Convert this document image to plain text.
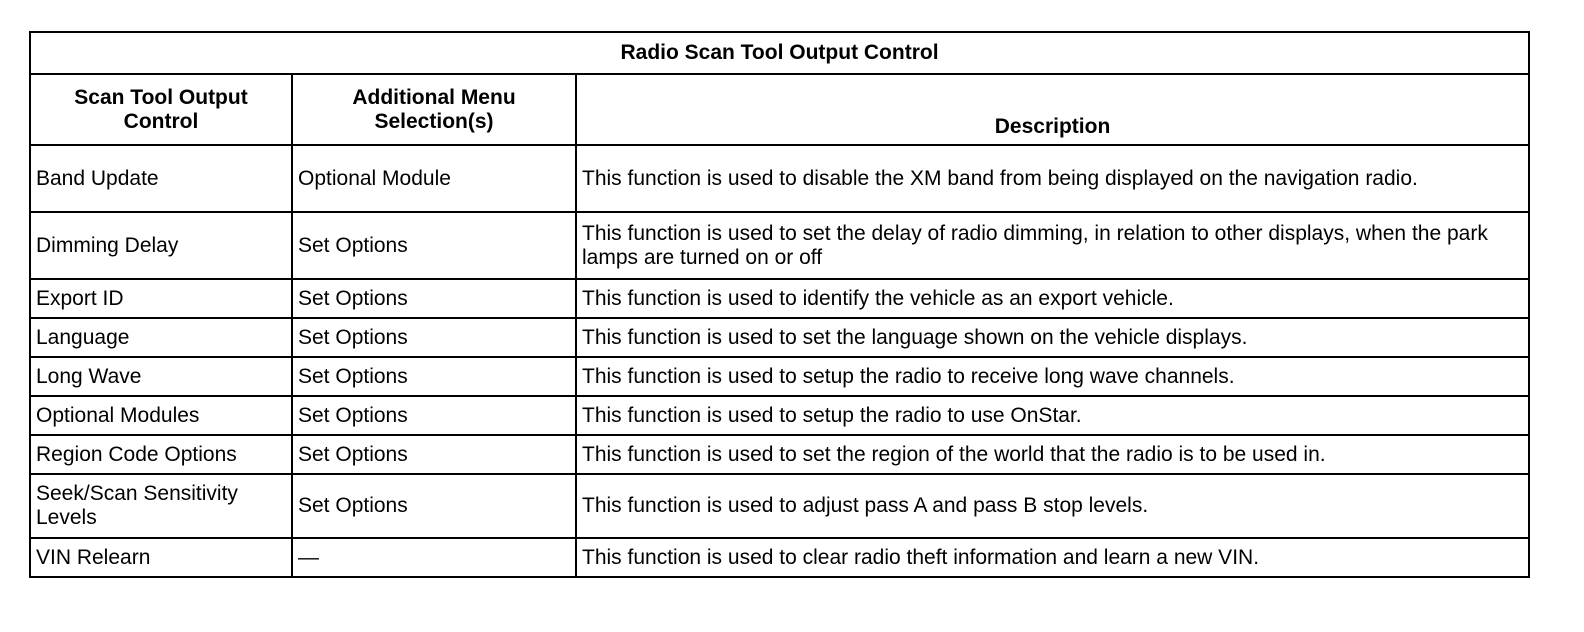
Radio Scan Tool Output Control		
Scan Tool Output Control	Additional Menu Selection(s)	Description
Band Update	Optional Module	This function is used to disable the XM band from being displayed on the navigation radio.
Dimming Delay	Set Options	This function is used to set the delay of radio dimming, in relation to other displays, when the park lamps are turned on or off
Export ID	Set Options	This function is used to identify the vehicle as an export vehicle.
Language	Set Options	This function is used to set the language shown on the vehicle displays.
Long Wave	Set Options	This function is used to setup the radio to receive long wave channels.
Optional Modules	Set Options	This function is used to setup the radio to use OnStar.
Region Code Options	Set Options	This function is used to set the region of the world that the radio is to be used in.
Seek/Scan Sensitivity Levels	Set Options	This function is used to adjust pass A and pass B stop levels.
VIN Relearn	—	This function is used to clear radio theft information and learn a new VIN.
